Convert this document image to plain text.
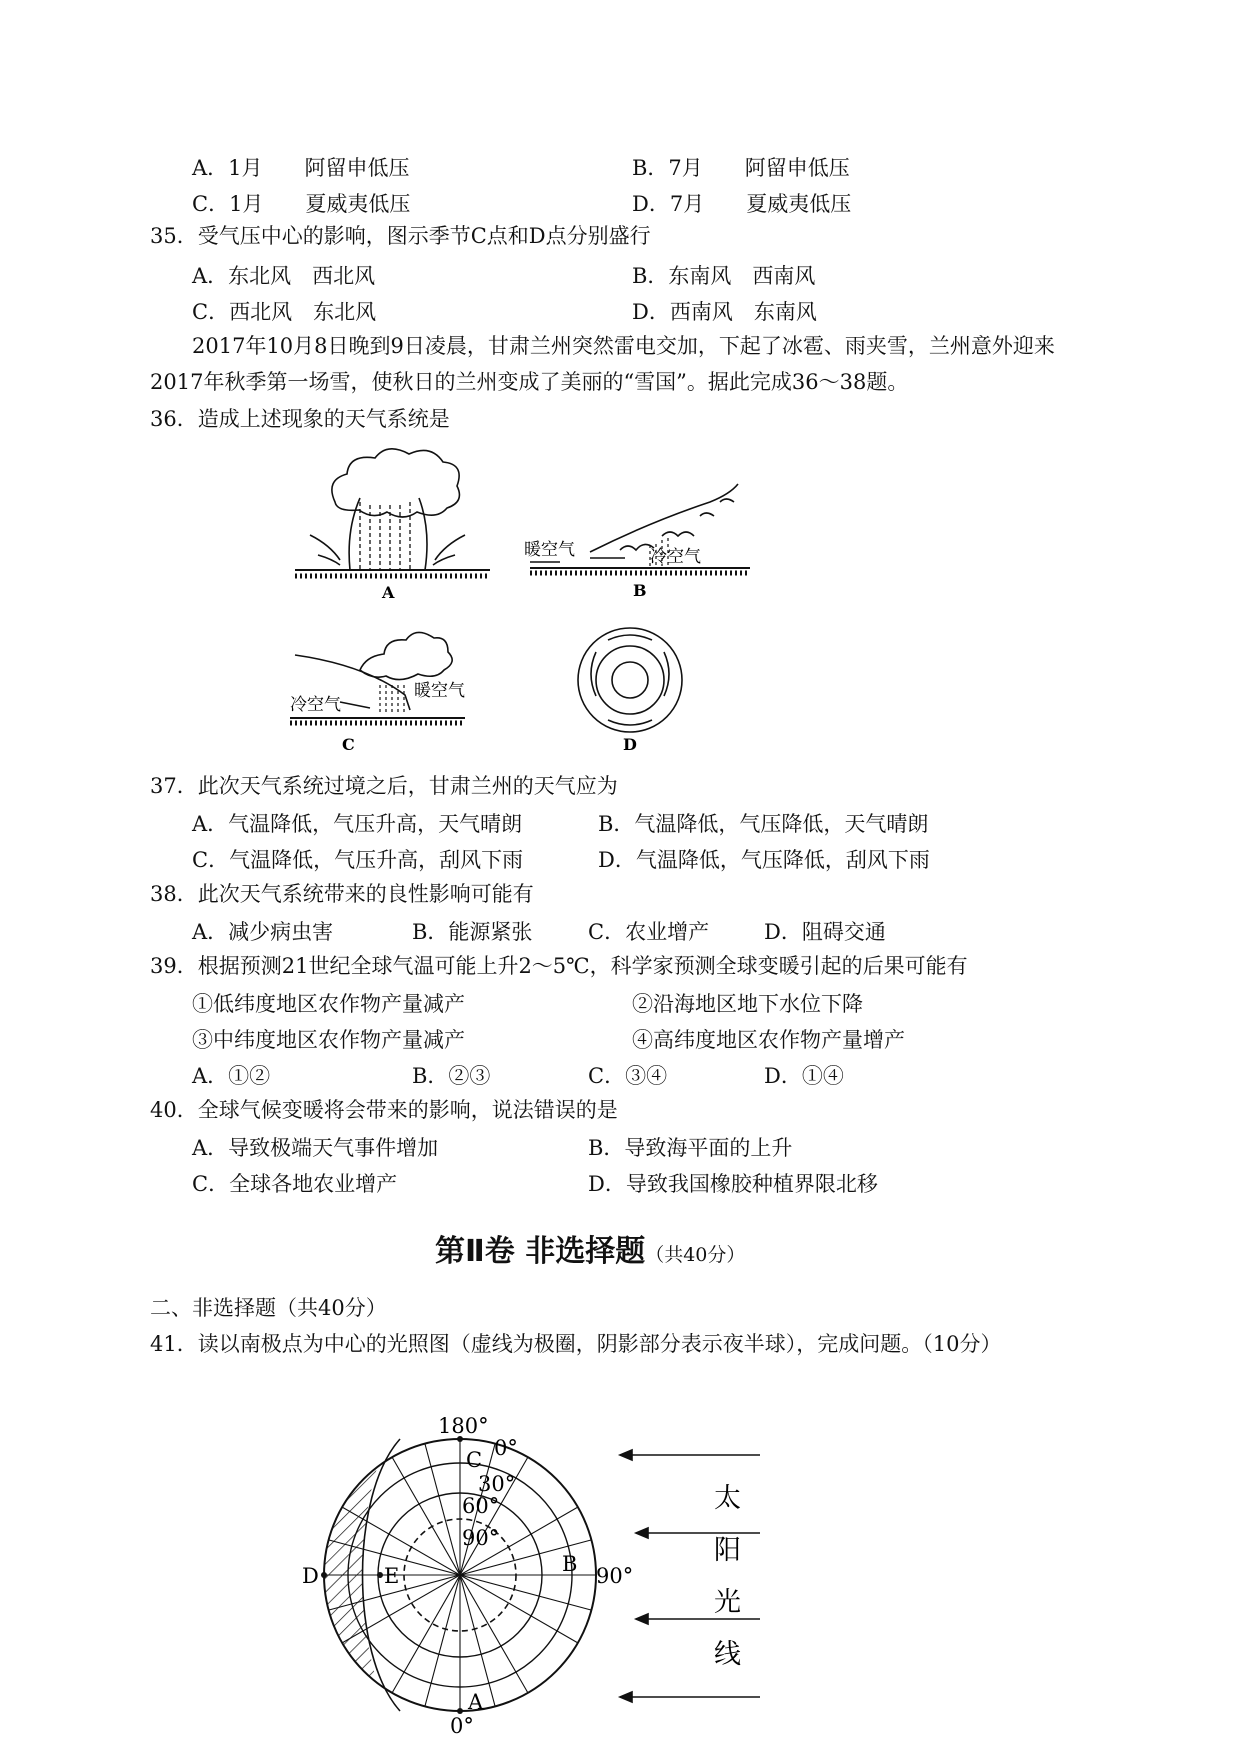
A．1月　　阿留申低压	B．7月　　阿留申低压
C．1月　　夏威夷低压	D．7月　　夏威夷低压
35．受气压中心的影响，图示季节C点和D点分别盛行
A．东北风　西北风	B．东南风　西南风
C．西北风　东北风	D．西南风　东南风
2017年10月8日晚到9日凌晨，甘肃兰州突然雷电交加，下起了冰雹、雨夹雪，兰州意外迎来
2017年秋季第一场雪，使秋日的兰州变成了美丽的“雪国”。据此完成36～38题。
36．造成上述现象的天气系统是
A
暖空气	冷空气
B
冷空气
暖空气
C	D
37．此次天气系统过境之后，甘肃兰州的天气应为
A．气温降低，气压升高，天气晴朗	B．气温降低，气压降低，天气晴朗
C．气温降低，气压升高，刮风下雨	D．气温降低，气压降低，刮风下雨
38．此次天气系统带来的良性影响可能有
A．减少病虫害	B．能源紧张	C．农业增产	D．阻碍交通
39．根据预测21世纪全球气温可能上升2～5℃，科学家预测全球变暖引起的后果可能有
①低纬度地区农作物产量减产	②沿海地区地下水位下降
③中纬度地区农作物产量减产	④高纬度地区农作物产量增产
A．①②	B．②③	C．③④	D．①④
40．全球气候变暖将会带来的影响，说法错误的是
A．导致极端天气事件增加	B．导致海平面的上升
C．全球各地农业增产	D．导致我国橡胶种植界限北移
第Ⅱ卷 非选择题（共40分）
二、非选择题（共40分）
41．读以南极点为中心的光照图（虚线为极圈，阴影部分表示夜半球），完成问题。（10分）
180°
0°
C
30°
60°
90°
D	E	B 90°
A
0°
太
阳
光
线
